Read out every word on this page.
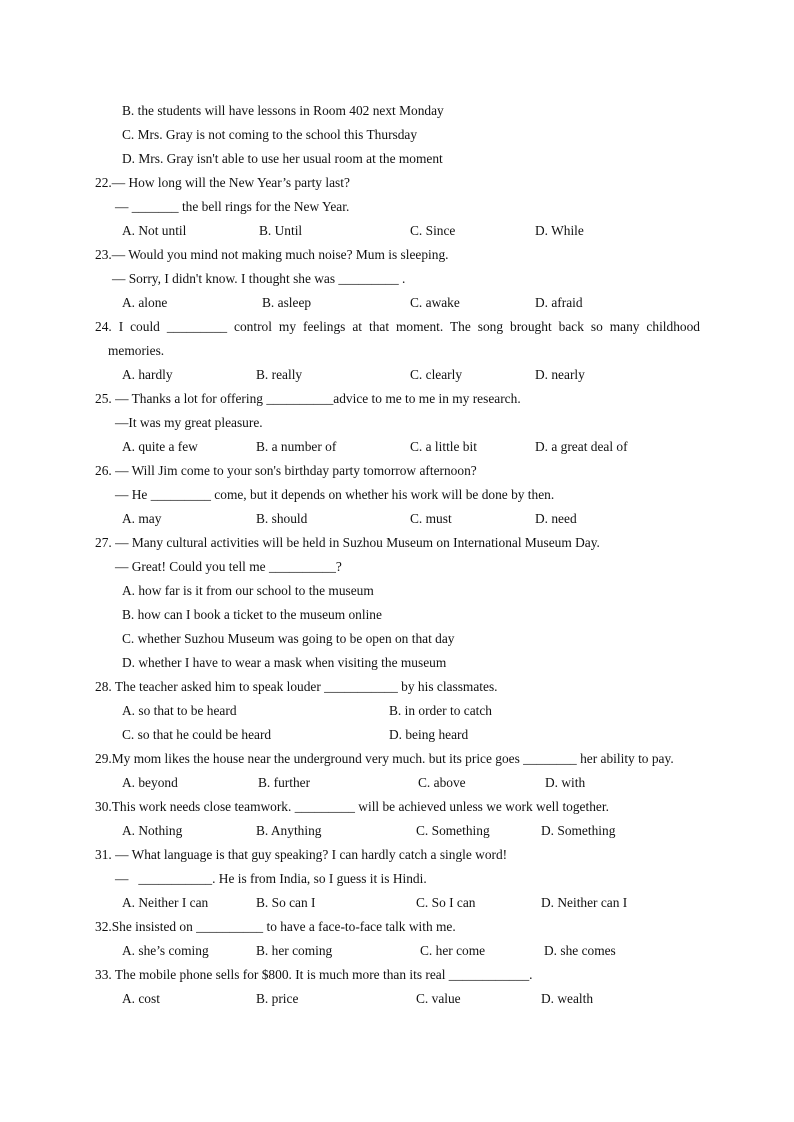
B. the students will have lessons in Room 402 next Monday
C. Mrs. Gray is not coming to the school this Thursday
D. Mrs. Gray isn't able to use her usual room at the moment
22.— How long will the New Year’s party last?
— _______ the bell rings for the New Year.
A. Not until	B. Until	C. Since	D. While
23.— Would you mind not making much noise? Mum is sleeping.
— Sorry, I didn't know. I thought she was _________ .
A. alone	B. asleep	C. awake	D. afraid
24. I could _________ control my feelings at that moment. The song brought back so many childhood
memories.
A. hardly	B. really	C. clearly	D. nearly
25. — Thanks a lot for offering __________advice to me to me in my research.
—It was my great pleasure.
A. quite a few	B. a number of	C. a little bit	D. a great deal of
26. — Will Jim come to your son's birthday party tomorrow afternoon?
— He _________ come, but it depends on whether his work will be done by then.
A. may	B. should	C. must	D. need
27. — Many cultural activities will be held in Suzhou Museum on International Museum Day.
— Great! Could you tell me __________?
A. how far is it from our school to the museum
B. how can I book a ticket to the museum online
C. whether Suzhou Museum was going to be open on that day
D. whether I have to wear a mask when visiting the museum
28. The teacher asked him to speak louder ___________ by his classmates.
A. so that to be heard	B. in order to catch
C. so that he could be heard	D. being heard
29.My mom likes the house near the underground very much. but its price goes ________ her ability to pay.
A. beyond	B. further	C. above	D. with
30.This work needs close teamwork. _________ will be achieved unless we work well together.
A. Nothing	B. Anything	C. Something	D. Something
31. — What language is that guy speaking? I can hardly catch a single word!
—   ___________. He is from India, so I guess it is Hindi.
A. Neither I can	B. So can I	C. So I can	D. Neither can I
32.She insisted on __________ to have a face-to-face talk with me.
A. she’s coming	B. her coming	C. her come	D. she comes
33. The mobile phone sells for $800. It is much more than its real ____________.
A. cost	B. price	C. value	D. wealth
